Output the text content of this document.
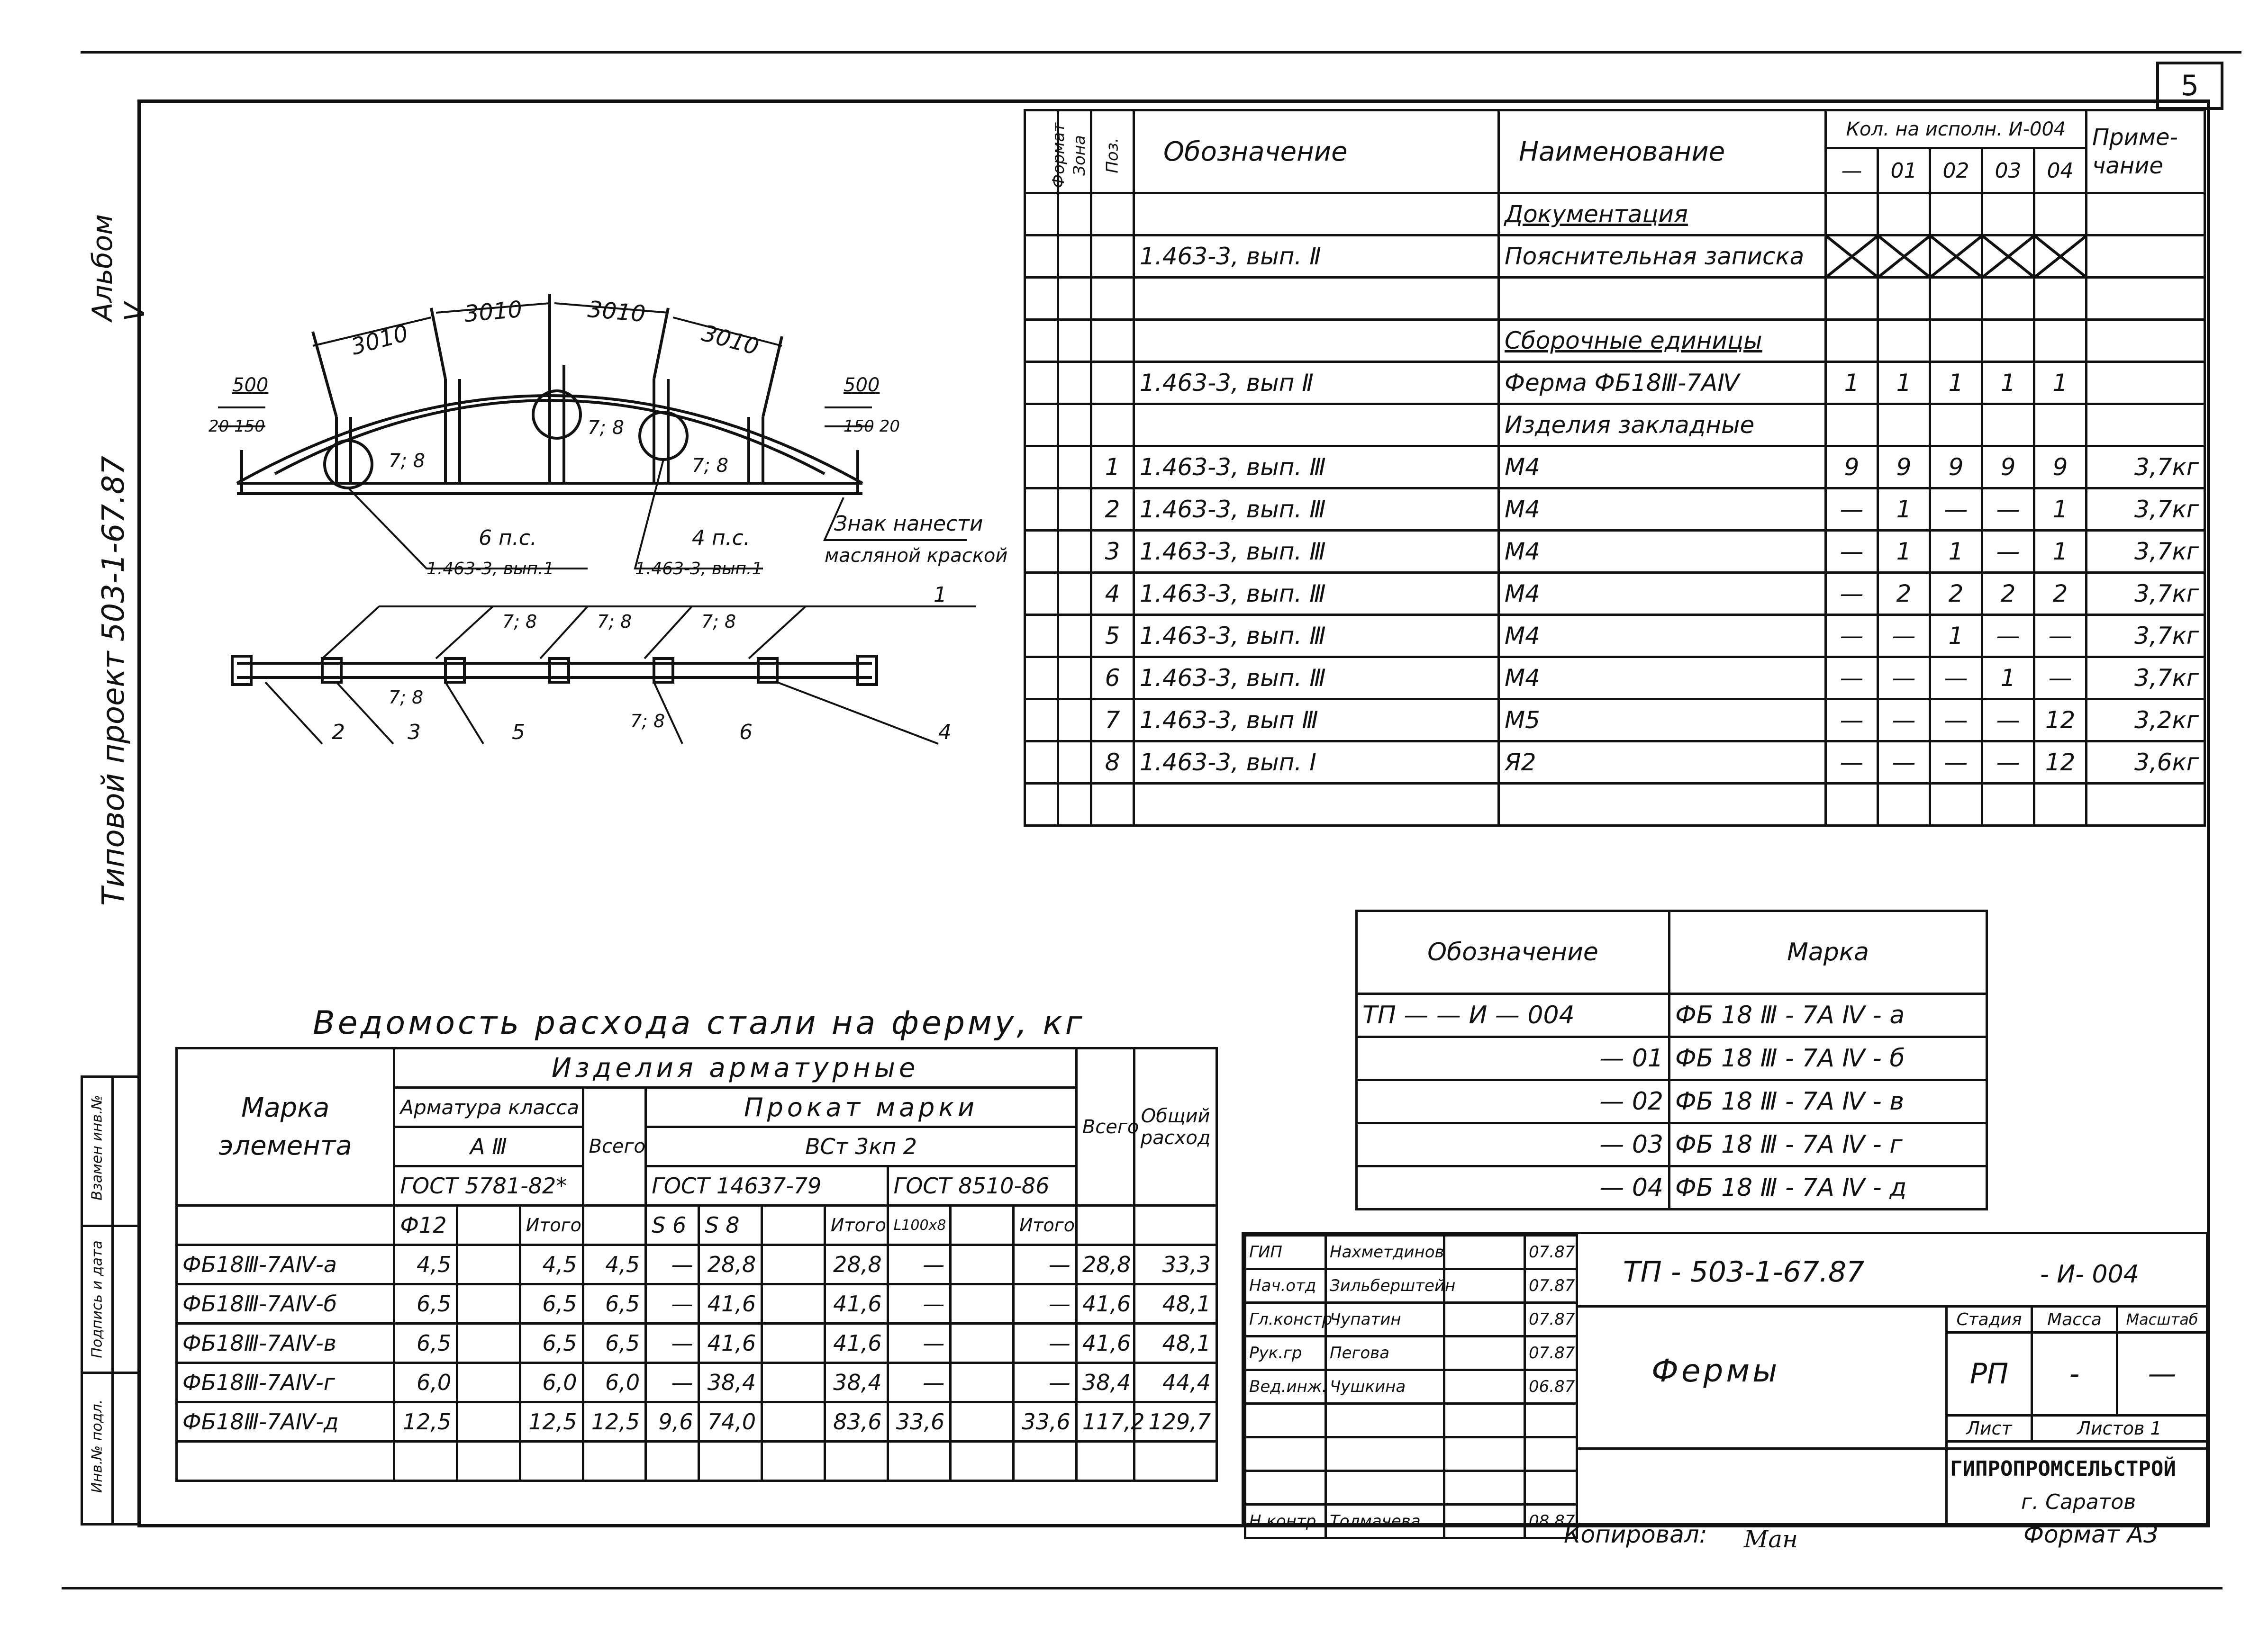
5
Взамен инв.№
Подпись и дата
Инв.№ подл.
Альбом Ⅴ
Типовой проект 503-1-67.87
3010
3010	3010
3010
500	500
20 150	150 20
7; 8
7; 8
7; 8
6 п.с.
1.463-3, вып.1
4 п.с.
1.463-3, вып.1
Знак нанести
масляной краской
7; 8	7; 8	7; 8
7; 8
7; 8
1
2	3	5	6	4
Формат	Зона	Поз.	Обозначение	Наименование	Кол. на исполн. И-004					Приме-чание
					—	01	02	03	04	
				Документация						
			1.463-3, вып. Ⅱ	Пояснительная записка						

				Сборочные единицы						
			1.463-3, вып Ⅱ	Ферма ФБ18Ⅲ-7АⅣ	1	1	1	1	1	
				Изделия закладные						
		1	1.463-3, вып. Ⅲ	М4	9	9	9	9	9	3,7кг
		2	1.463-3, вып. Ⅲ	М4	—	1	—	—	1	3,7кг
		3	1.463-3, вып. Ⅲ	М4	—	1	1	—	1	3,7кг
		4	1.463-3, вып. Ⅲ	М4	—	2	2	2	2	3,7кг
		5	1.463-3, вып. Ⅲ	М4	—	—	1	—	—	3,7кг
		6	1.463-3, вып. Ⅲ	М4	—	—	—	1	—	3,7кг
		7	1.463-3, вып Ⅲ	М5	—	—	—	—	12	3,2кг
		8	1.463-3, вып. Ⅰ	Я2	—	—	—	—	12	3,6кг

Обозначение	Марка
ТП — — И — 004	ФБ 18 Ⅲ - 7А Ⅳ - а
— 01	ФБ 18 Ⅲ - 7А Ⅳ - б
— 02	ФБ 18 Ⅲ - 7А Ⅳ - в
— 03	ФБ 18 Ⅲ - 7А Ⅳ - г
— 04	ФБ 18 Ⅲ - 7А Ⅳ - д
Ведомость расхода стали на ферму, кг
Марка элемента	Изделия арматурные											Всего	Общий расход
	Арматура класса			Всего	Прокат марки								
	А Ⅲ				ВСт 3кп 2								
	ГОСТ 5781-82*				ГОСТ 14637-79				ГОСТ 8510-86				
	Ф12		Итого		S 6	S 8		Итого	L100х8		Итого		
ФБ18Ⅲ-7АⅣ-а	4,5		4,5	4,5	—	28,8		28,8	—		—	28,8	33,3
ФБ18Ⅲ-7АⅣ-б	6,5		6,5	6,5	—	41,6		41,6	—		—	41,6	48,1
ФБ18Ⅲ-7АⅣ-в	6,5		6,5	6,5	—	41,6		41,6	—		—	41,6	48,1
ФБ18Ⅲ-7АⅣ-г	6,0		6,0	6,0	—	38,4		38,4	—		—	38,4	44,4
ФБ18Ⅲ-7АⅣ-д	12,5		12,5	12,5	9,6	74,0		83,6	33,6		33,6	117,2	129,7

ГИП	Нахметдинов		07.87
Нач.отд	Зильберштейн		07.87
Гл.констр	Чупатин		07.87
Рук.гр	Пегова		07.87
Вед.инж.	Чушкина		06.87

Н.контр	Толмачева		08.87
ТП - 503-1-67.87	- И- 004
Фермы
Стадия	Масса	Масштаб
РП	-	—
Лист	Листов 1	
ГИПРОПРОМСЕЛЬСТРОЙ
г. Саратов
Копировал: Ман	Формат А3
